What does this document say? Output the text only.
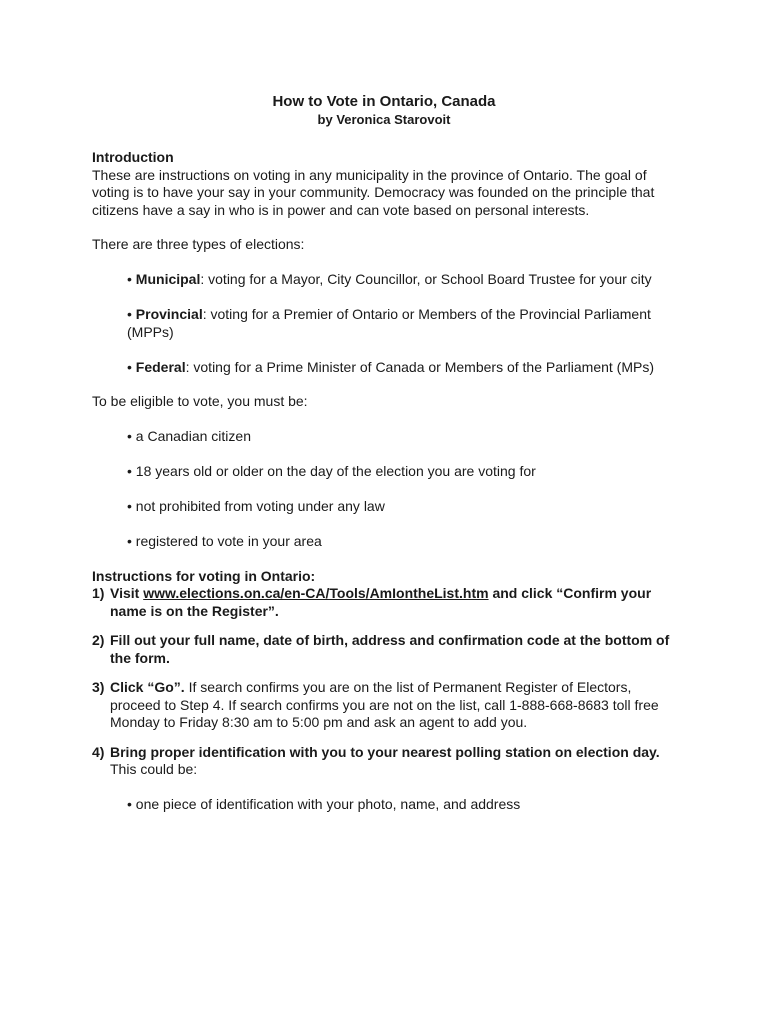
How to Vote in Ontario, Canada
by Veronica Starovoit

Introduction

These are instructions on voting in any municipality in the province of Ontario. The goal of voting is to have your say in your community. Democracy was founded on the principle that citizens have a say in who is in power and can vote based on personal interests.

There are three types of elections:

• Municipal: voting for a Mayor, City Councillor, or School Board Trustee for your city

• Provincial: voting for a Premier of Ontario or Members of the Provincial Parliament (MPPs)

• Federal: voting for a Prime Minister of Canada or Members of the Parliament (MPs)

To be eligible to vote, you must be:

• a Canadian citizen

• 18 years old or older on the day of the election you are voting for

• not prohibited from voting under any law

• registered to vote in your area

Instructions for voting in Ontario:

1) Visit www.elections.on.ca/en-CA/Tools/AmIontheList.htm and click “Confirm your name is on the Register”.

2) Fill out your full name, date of birth, address and confirmation code at the bottom of the form.

3) Click “Go”. If search confirms you are on the list of Permanent Register of Electors, proceed to Step 4. If search confirms you are not on the list, call 1-888-668-8683 toll free Monday to Friday 8:30 am to 5:00 pm and ask an agent to add you.

4) Bring proper identification with you to your nearest polling station on election day. This could be:

• one piece of identification with your photo, name, and address
